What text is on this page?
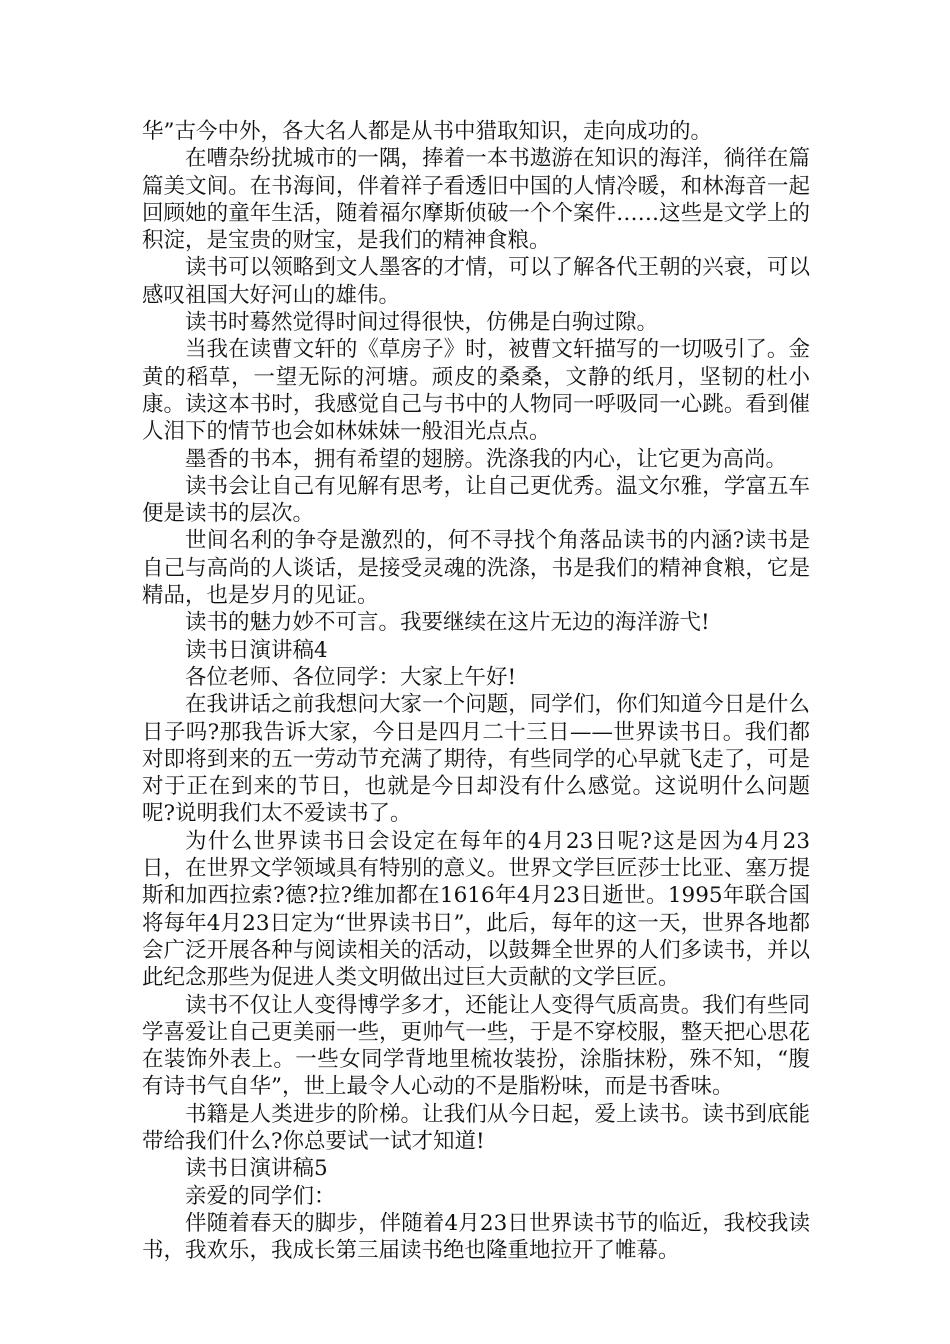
华”古今中外，各大名人都是从书中猎取知识，走向成功的。

在嘈杂纷扰城市的一隅，捧着一本书遨游在知识的海洋，徜徉在篇篇美文间。在书海间，伴着祥子看透旧中国的人情冷暖，和林海音一起回顾她的童年生活，随着福尔摩斯侦破一个个案件……这些是文学上的积淀，是宝贵的财宝，是我们的精神食粮。

读书可以领略到文人墨客的才情，可以了解各代王朝的兴衰，可以感叹祖国大好河山的雄伟。

读书时蓦然觉得时间过得很快，仿佛是白驹过隙。

当我在读曹文轩的《草房子》时，被曹文轩描写的一切吸引了。金黄的稻草，一望无际的河塘。顽皮的桑桑，文静的纸月，坚韧的杜小康。读这本书时，我感觉自己与书中的人物同一呼吸同一心跳。看到催人泪下的情节也会如林妹妹一般泪光点点。

墨香的书本，拥有希望的翅膀。洗涤我的内心，让它更为高尚。

读书会让自己有见解有思考，让自己更优秀。温文尔雅，学富五车便是读书的层次。

世间名利的争夺是激烈的，何不寻找个角落品读书的内涵?读书是自己与高尚的人谈话，是接受灵魂的洗涤，书是我们的精神食粮，它是精品，也是岁月的见证。

读书的魅力妙不可言。我要继续在这片无边的海洋游弋!

读书日演讲稿4

各位老师、各位同学：大家上午好!

在我讲话之前我想问大家一个问题，同学们，你们知道今日是什么日子吗?那我告诉大家，今日是四月二十三日——世界读书日。我们都对即将到来的五一劳动节充满了期待，有些同学的心早就飞走了，可是对于正在到来的节日，也就是今日却没有什么感觉。这说明什么问题呢?说明我们太不爱读书了。

为什么世界读书日会设定在每年的4月23日呢?这是因为4月23日，在世界文学领域具有特别的意义。世界文学巨匠莎士比亚、塞万提斯和加西拉索?德?拉?维加都在1616年4月23日逝世。1995年联合国将每年4月23日定为“世界读书日”，此后，每年的这一天，世界各地都会广泛开展各种与阅读相关的活动，以鼓舞全世界的人们多读书，并以此纪念那些为促进人类文明做出过巨大贡献的文学巨匠。

读书不仅让人变得博学多才，还能让人变得气质高贵。我们有些同学喜爱让自己更美丽一些，更帅气一些，于是不穿校服，整天把心思花在装饰外表上。一些女同学背地里梳妆装扮，涂脂抹粉，殊不知，“腹有诗书气自华”，世上最令人心动的不是脂粉味，而是书香味。

书籍是人类进步的阶梯。让我们从今日起，爱上读书。读书到底能带给我们什么?你总要试一试才知道!

读书日演讲稿5

亲爱的同学们：

伴随着春天的脚步，伴随着4月23日世界读书节的临近，我校我读书，我欢乐，我成长第三届读书绝也隆重地拉开了帷幕。
